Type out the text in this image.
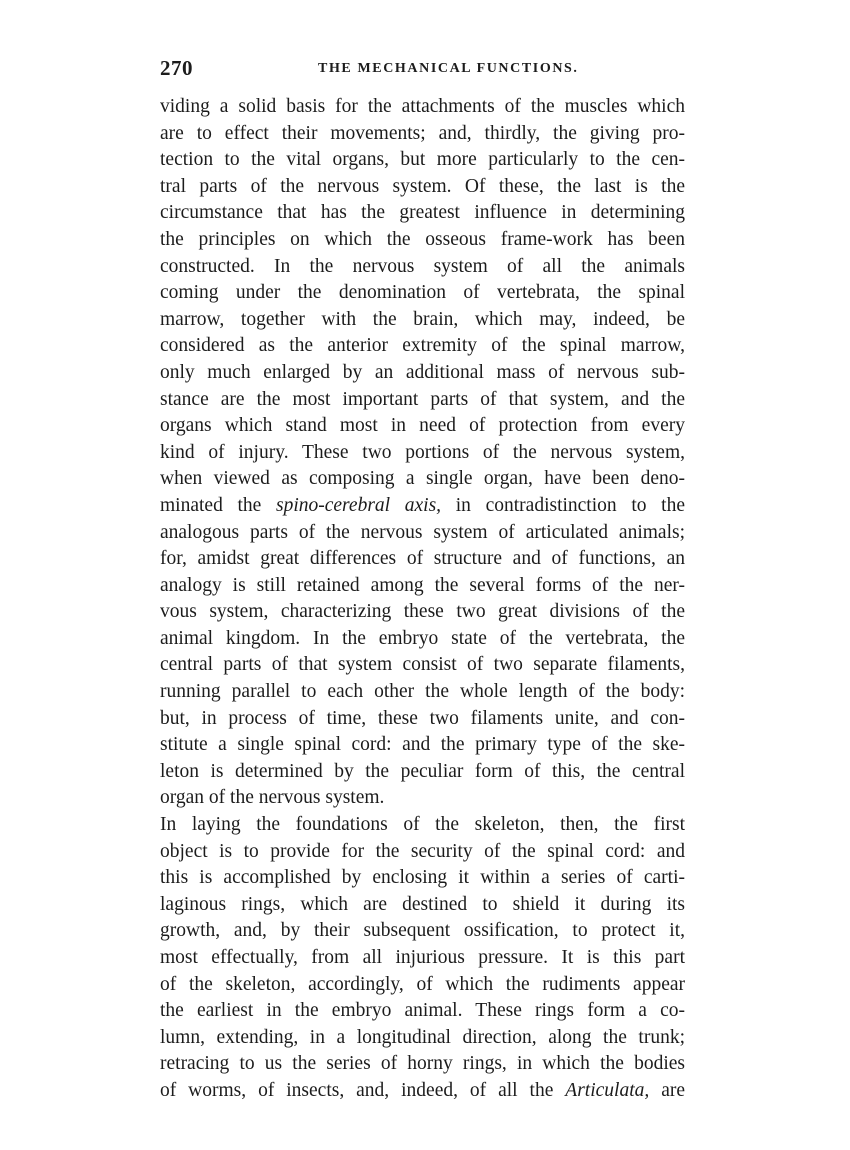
270	THE MECHANICAL FUNCTIONS.
viding a solid basis for the attachments of the muscles which
are to effect their movements; and, thirdly, the giving pro-
tection to the vital organs, but more particularly to the cen-
tral parts of the nervous system. Of these, the last is the
circumstance that has the greatest influence in determining
the principles on which the osseous frame-work has been
constructed. In the nervous system of all the animals
coming under the denomination of vertebrata, the spinal
marrow, together with the brain, which may, indeed, be
considered as the anterior extremity of the spinal marrow,
only much enlarged by an additional mass of nervous sub-
stance are the most important parts of that system, and the
organs which stand most in need of protection from every
kind of injury. These two portions of the nervous system,
when viewed as composing a single organ, have been deno-
minated the spino-cerebral axis, in contradistinction to the
analogous parts of the nervous system of articulated animals;
for, amidst great differences of structure and of functions, an
analogy is still retained among the several forms of the ner-
vous system, characterizing these two great divisions of the
animal kingdom. In the embryo state of the vertebrata, the
central parts of that system consist of two separate filaments,
running parallel to each other the whole length of the body:
but, in process of time, these two filaments unite, and con-
stitute a single spinal cord: and the primary type of the ske-
leton is determined by the peculiar form of this, the central
organ of the nervous system.
In laying the foundations of the skeleton, then, the first
object is to provide for the security of the spinal cord: and
this is accomplished by enclosing it within a series of carti-
laginous rings, which are destined to shield it during its
growth, and, by their subsequent ossification, to protect it,
most effectually, from all injurious pressure. It is this part
of the skeleton, accordingly, of which the rudiments appear
the earliest in the embryo animal. These rings form a co-
lumn, extending, in a longitudinal direction, along the trunk;
retracing to us the series of horny rings, in which the bodies
of worms, of insects, and, indeed, of all the Articulata, are
